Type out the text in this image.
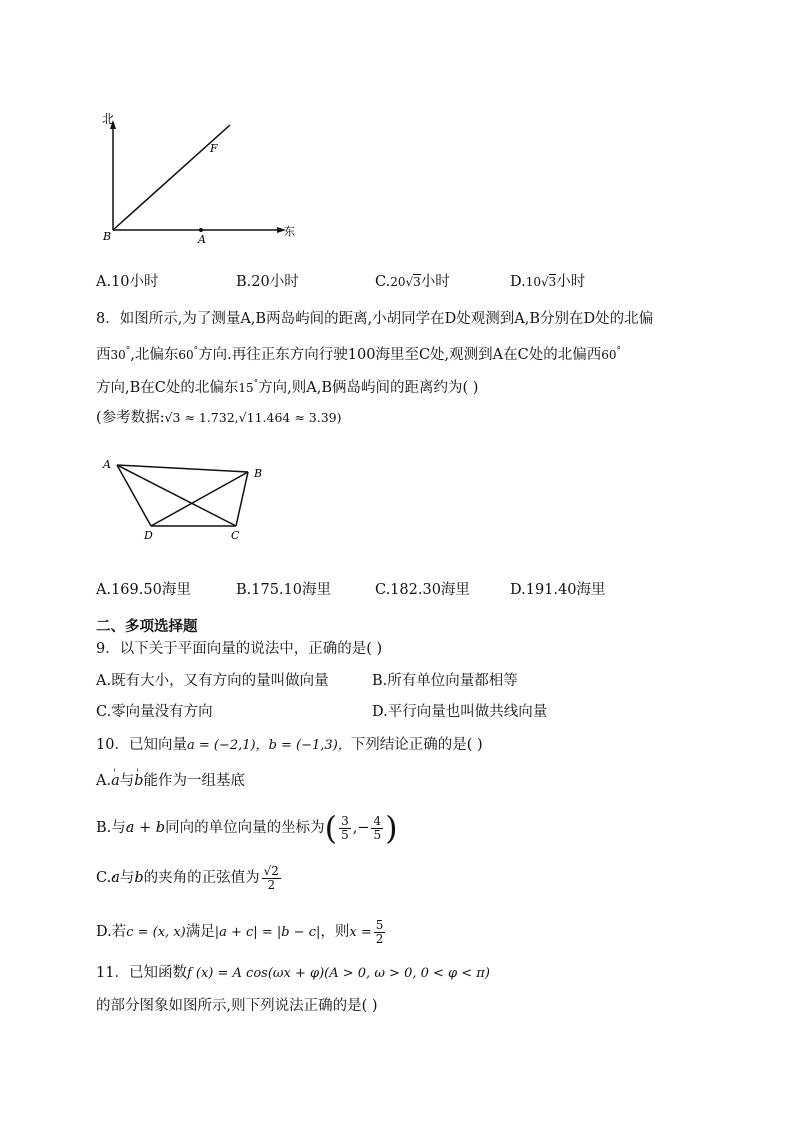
北
东
F
B	A
A.10小时	B.20小时	C.20√3小时	D.10√3小时
8．如图所示,为了测量A,B两岛屿间的距离,小胡同学在D处观测到A,B分别在D处的北偏
西30°,北偏东60°方向.再往正东方向行驶100海里至C处,观测到A在C处的北偏西60°
方向,B在C处的北偏东15°方向,则A,B俩岛屿间的距离约为( )
(参考数据:√3 ≈ 1.732,√11.464 ≈ 3.39)
A
B
D	C
A.169.50海里	B.175.10海里	C.182.30海里	D.191.40海里
二、多项选择题
9．以下关于平面向量的说法中，正确的是( )
A.既有大小，又有方向的量叫做向量	B.所有单位向量都相等
C.零向量没有方向	D.平行向量也叫做共线向量
10．已知向量a = (−2,1)，b = (−1,3)，下列结论正确的是( )
A.' a与' b能作为一组基底
B.与' a + ' b同向的单位向量的坐标为( $\frac{3}{5}$ ,− $\frac{4}{5}$ )
C.' a与' b的夹角的正弦值为 $\frac{√2}{2}$
D.若c = (x, x)满足|a + c| = |b − c|，则$x = \frac{5}{2}$
11．已知函数f (x) = A cos(ωx + φ)(A > 0, ω > 0, 0 < φ < π)
的部分图象如图所示,则下列说法正确的是( )
